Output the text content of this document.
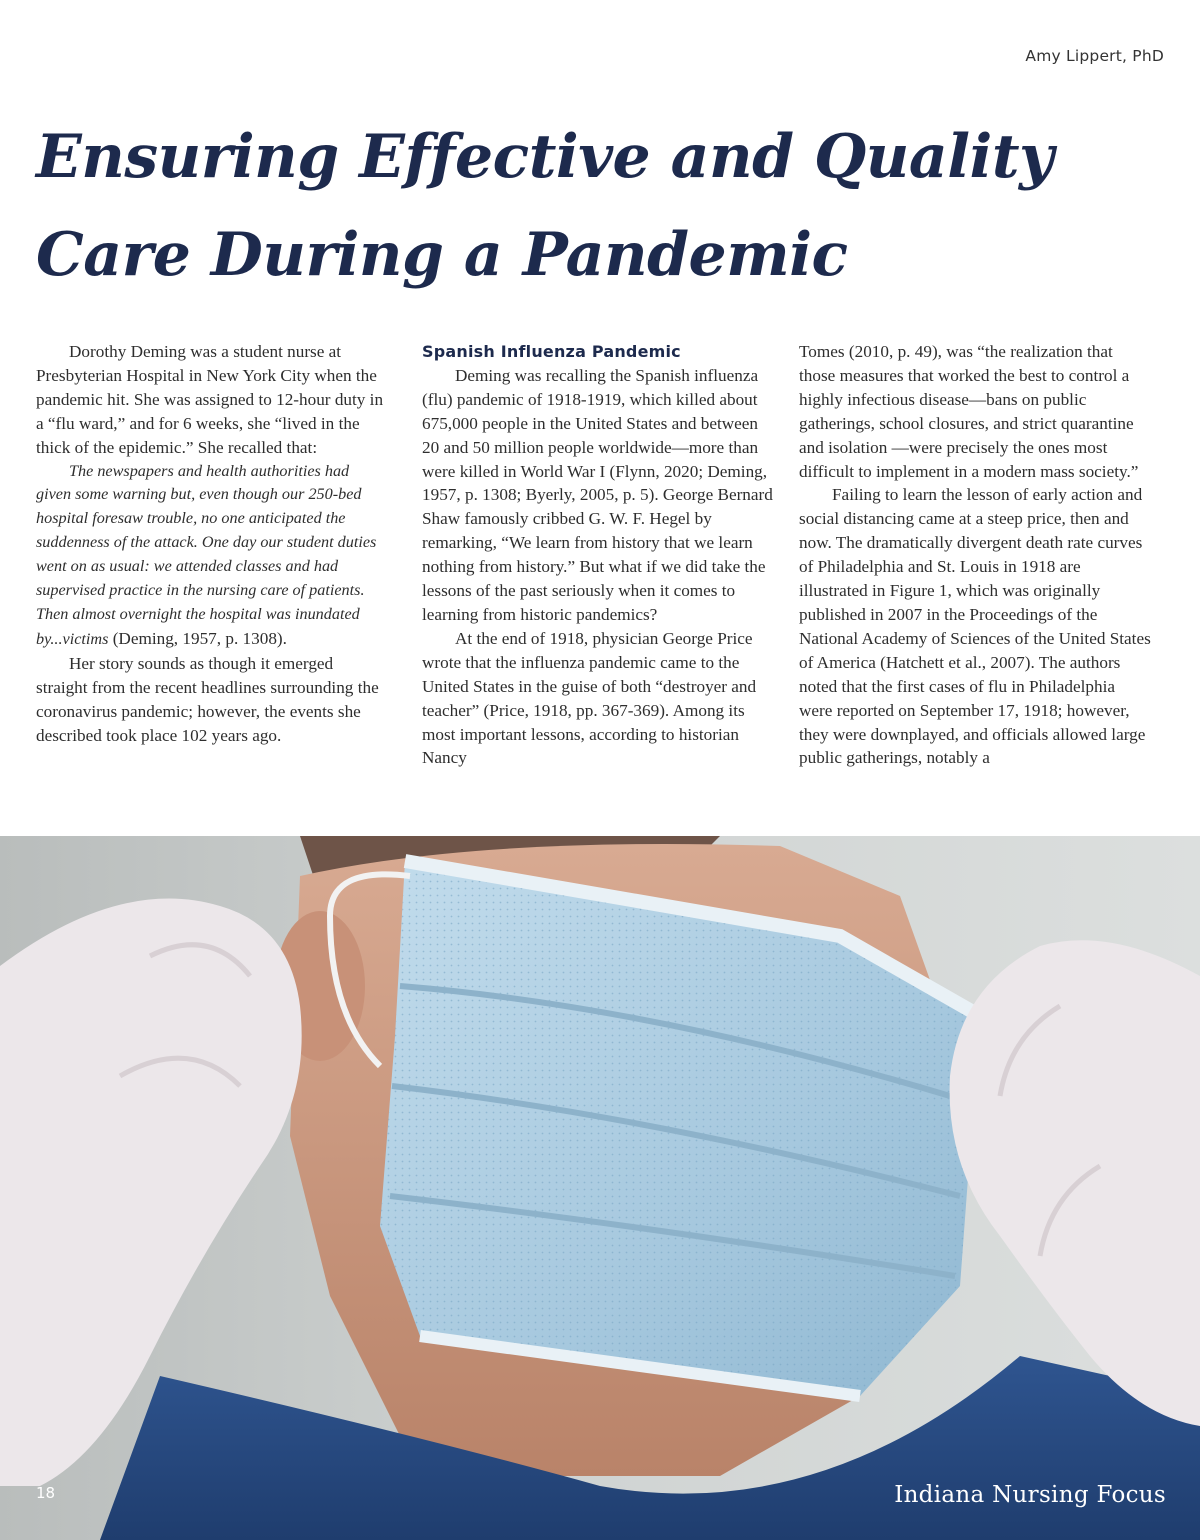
Amy Lippert, PhD
Ensuring Effective and Quality
Care During a Pandemic

Dorothy Deming was a student nurse at Presbyterian Hospital in New York City when the pandemic hit. She was assigned to 12-hour duty in a “flu ward,” and for 6 weeks, she “lived in the thick of the epidemic.” She recalled that:

The newspapers and health authorities had given some warning but, even though our 250-bed hospital foresaw trouble, no one anticipated the suddenness of the attack. One day our student duties went on as usual: we attended classes and had supervised practice in the nursing care of patients. Then almost overnight the hospital was inundated by...victims (Deming, 1957, p. 1308).

Her story sounds as though it emerged straight from the recent headlines surrounding the coronavirus pandemic; however, the events she described took place 102 years ago.

Spanish Influenza Pandemic

Deming was recalling the Spanish influenza (flu) pandemic of 1918-1919, which killed about 675,000 people in the United States and between 20 and 50 million people worldwide—more than were killed in World War I (Flynn, 2020; Deming, 1957, p. 1308; Byerly, 2005, p. 5). George Bernard Shaw famously cribbed G. W. F. Hegel by remarking, “We learn from history that we learn nothing from history.” But what if we did take the lessons of the past seriously when it comes to learning from historic pandemics?

At the end of 1918, physician George Price wrote that the influenza pandemic came to the United States in the guise of both “destroyer and teacher” (Price, 1918, pp. 367-369). Among its most important lessons, according to historian Nancy

Tomes (2010, p. 49), was “the realization that those measures that worked the best to control a highly infectious disease—bans on public gatherings, school closures, and strict quarantine and isolation —were precisely the ones most difficult to implement in a modern mass society.”

Failing to learn the lesson of early action and social distancing came at a steep price, then and now. The dramatically divergent death rate curves of Philadelphia and St. Louis in 1918 are illustrated in Figure 1, which was originally published in 2007 in the Proceedings of the National Academy of Sciences of the United States of America (Hatchett et al., 2007). The authors noted that the first cases of flu in Philadelphia were reported on September 17, 1918; however, they were downplayed, and officials allowed large public gatherings, notably a

18	Indiana Nursing Focus
